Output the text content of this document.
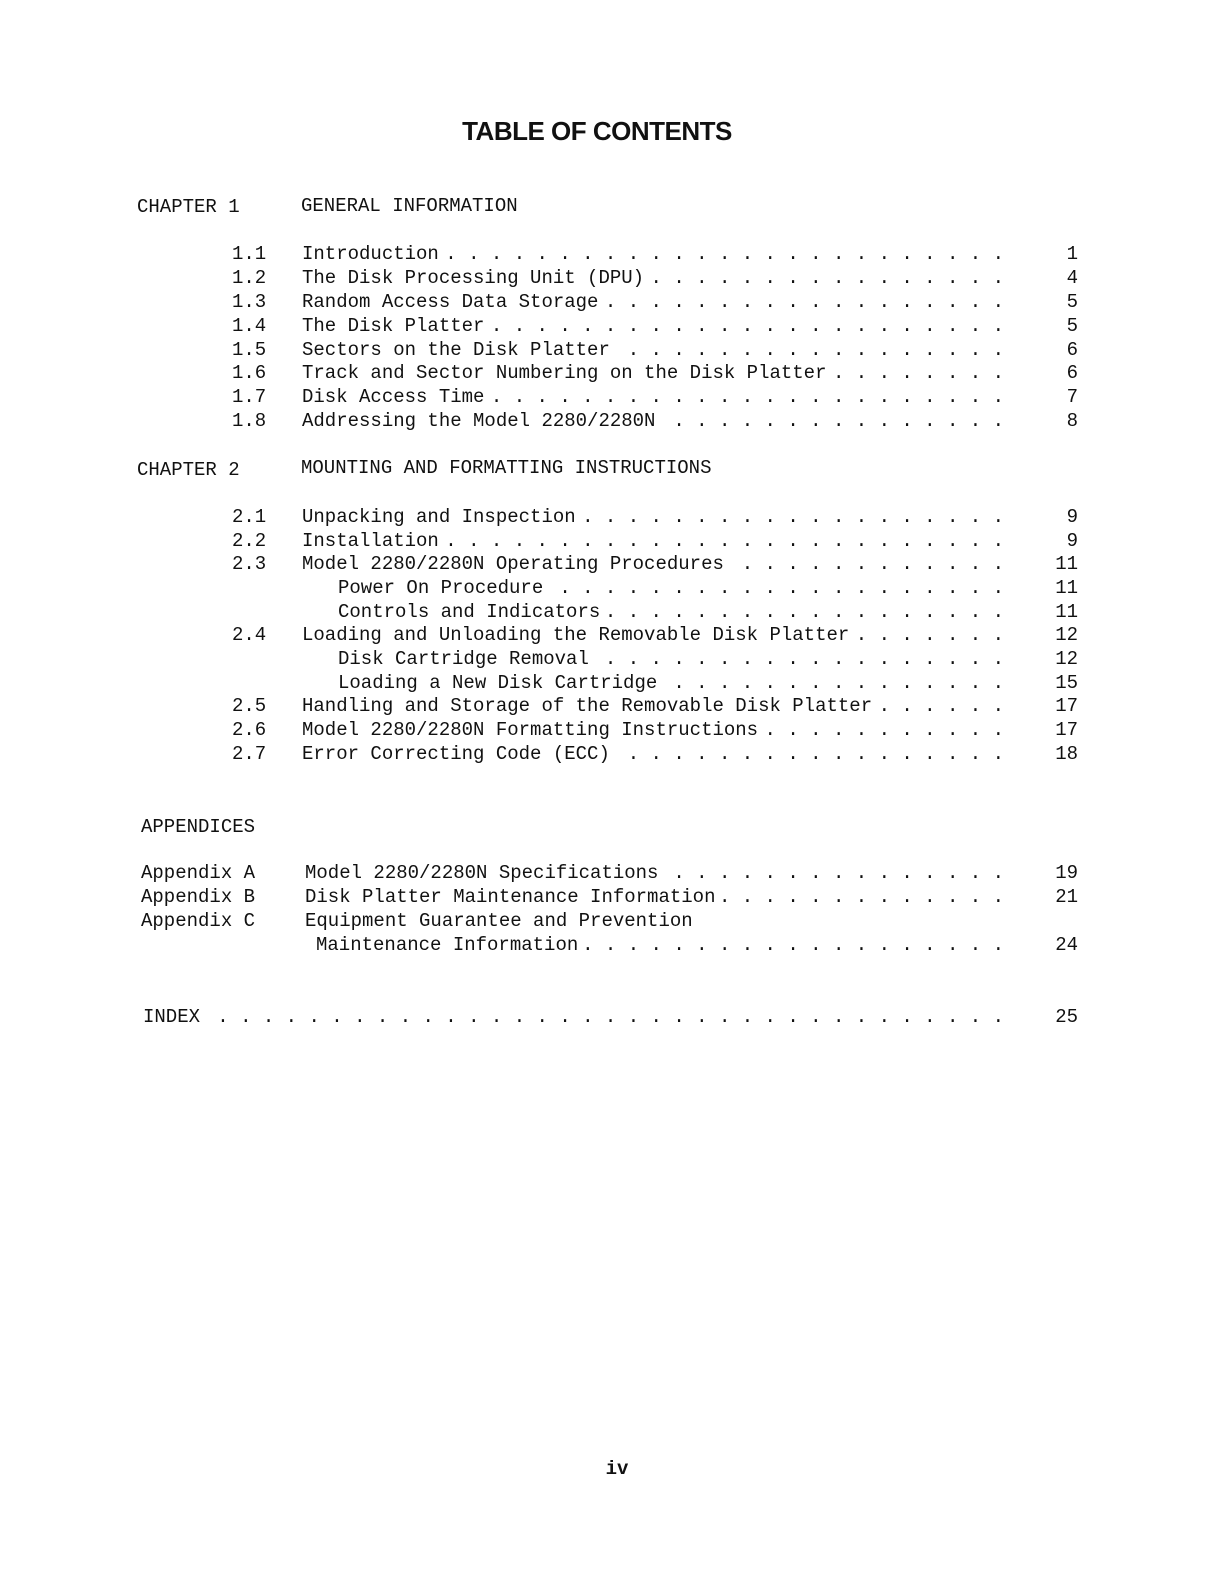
TABLE OF CONTENTS
CHAPTER 1	GENERAL INFORMATION
1.1 Introduction . . .	1
1.2 The Disk Processing Unit (DPU) . . .	4
1.3 Random Access Data Storage . . .	5
1.4 The Disk Platter . . .	5
1.5 Sectors on the Disk Platter . . .	6
1.6 Track and Sector Numbering on the Disk Platter . . .	6
1.7 Disk Access Time . . .	7
1.8 Addressing the Model 2280/2280N . . .	8
CHAPTER 2	MOUNTING AND FORMATTING INSTRUCTIONS
2.1 Unpacking and Inspection . . .	9
2.2 Installation . . .	9
2.3 Model 2280/2280N Operating Procedures . . .	11
Power On Procedure . . .	11
Controls and Indicators . . .	11
2.4 Loading and Unloading the Removable Disk Platter . . .	12
Disk Cartridge Removal . . .	12
Loading a New Disk Cartridge . . .	15
2.5 Handling and Storage of the Removable Disk Platter . . .	17
2.6 Model 2280/2280N Formatting Instructions . . .	17
2.7 Error Correcting Code (ECC) . . .	18
APPENDICES
Appendix A	Model 2280/2280N Specifications . . .	19
Appendix B	Disk Platter Maintenance Information . . .	21
Appendix C	Equipment Guarantee and Prevention
Maintenance Information . . .	24
INDEX . . .	25
iv
